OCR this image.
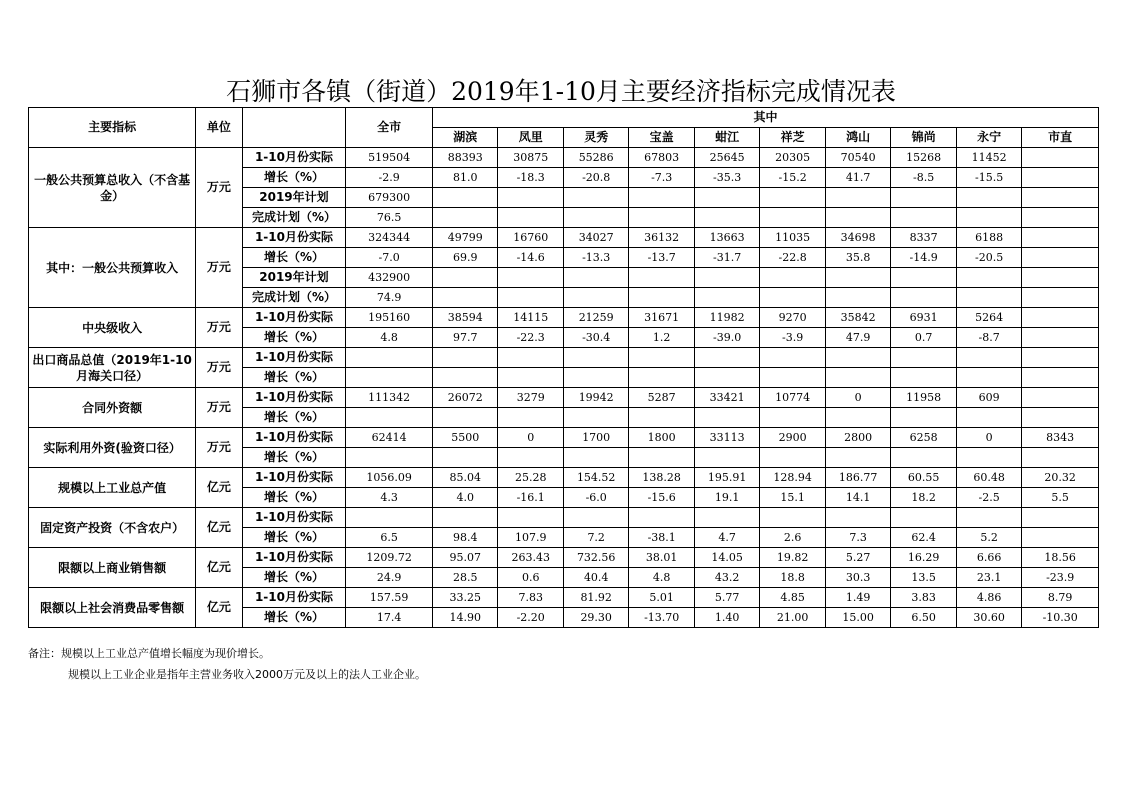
石狮市各镇（街道）2019年1-10月主要经济指标完成情况表
主要指标	单位		全市	其中									
				湖滨	凤里	灵秀	宝盖	蚶江	祥芝	鸿山	锦尚	永宁	市直
一般公共预算总收入（不含基金）	万元	1-10月份实际	519504	88393	30875	55286	67803	25645	20305	70540	15268	11452	
		增长（%）	-2.9	81.0	-18.3	-20.8	-7.3	-35.3	-15.2	41.7	-8.5	-15.5	
		2019年计划	679300										
		完成计划（%）	76.5										
其中：一般公共预算收入	万元	1-10月份实际	324344	49799	16760	34027	36132	13663	11035	34698	8337	6188	
		增长（%）	-7.0	69.9	-14.6	-13.3	-13.7	-31.7	-22.8	35.8	-14.9	-20.5	
		2019年计划	432900										
		完成计划（%）	74.9										
中央级收入	万元	1-10月份实际	195160	38594	14115	21259	31671	11982	9270	35842	6931	5264	
		增长（%）	4.8	97.7	-22.3	-30.4	1.2	-39.0	-3.9	47.9	0.7	-8.7	
出口商品总值（2019年1-10月海关口径）	万元	1-10月份实际											
		增长（%）											
合同外资额	万元	1-10月份实际	111342	26072	3279	19942	5287	33421	10774	0	11958	609	
		增长（%）											
实际利用外资(验资口径）	万元	1-10月份实际	62414	5500	0	1700	1800	33113	2900	2800	6258	0	8343
		增长（%）											
规模以上工业总产值	亿元	1-10月份实际	1056.09	85.04	25.28	154.52	138.28	195.91	128.94	186.77	60.55	60.48	20.32
		增长（%）	4.3	4.0	-16.1	-6.0	-15.6	19.1	15.1	14.1	18.2	-2.5	5.5
固定资产投资（不含农户）	亿元	1-10月份实际											
		增长（%）	6.5	98.4	107.9	7.2	-38.1	4.7	2.6	7.3	62.4	5.2	
限额以上商业销售额	亿元	1-10月份实际	1209.72	95.07	263.43	732.56	38.01	14.05	19.82	5.27	16.29	6.66	18.56
		增长（%）	24.9	28.5	0.6	40.4	4.8	43.2	18.8	30.3	13.5	23.1	-23.9
限额以上社会消费品零售额	亿元	1-10月份实际	157.59	33.25	7.83	81.92	5.01	5.77	4.85	1.49	3.83	4.86	8.79
		增长（%）	17.4	14.90	-2.20	29.30	-13.70	1.40	21.00	15.00	6.50	30.60	-10.30
备注：规模以上工业总产值增长幅度为现价增长。
规模以上工业企业是指年主营业务收入2000万元及以上的法人工业企业。
